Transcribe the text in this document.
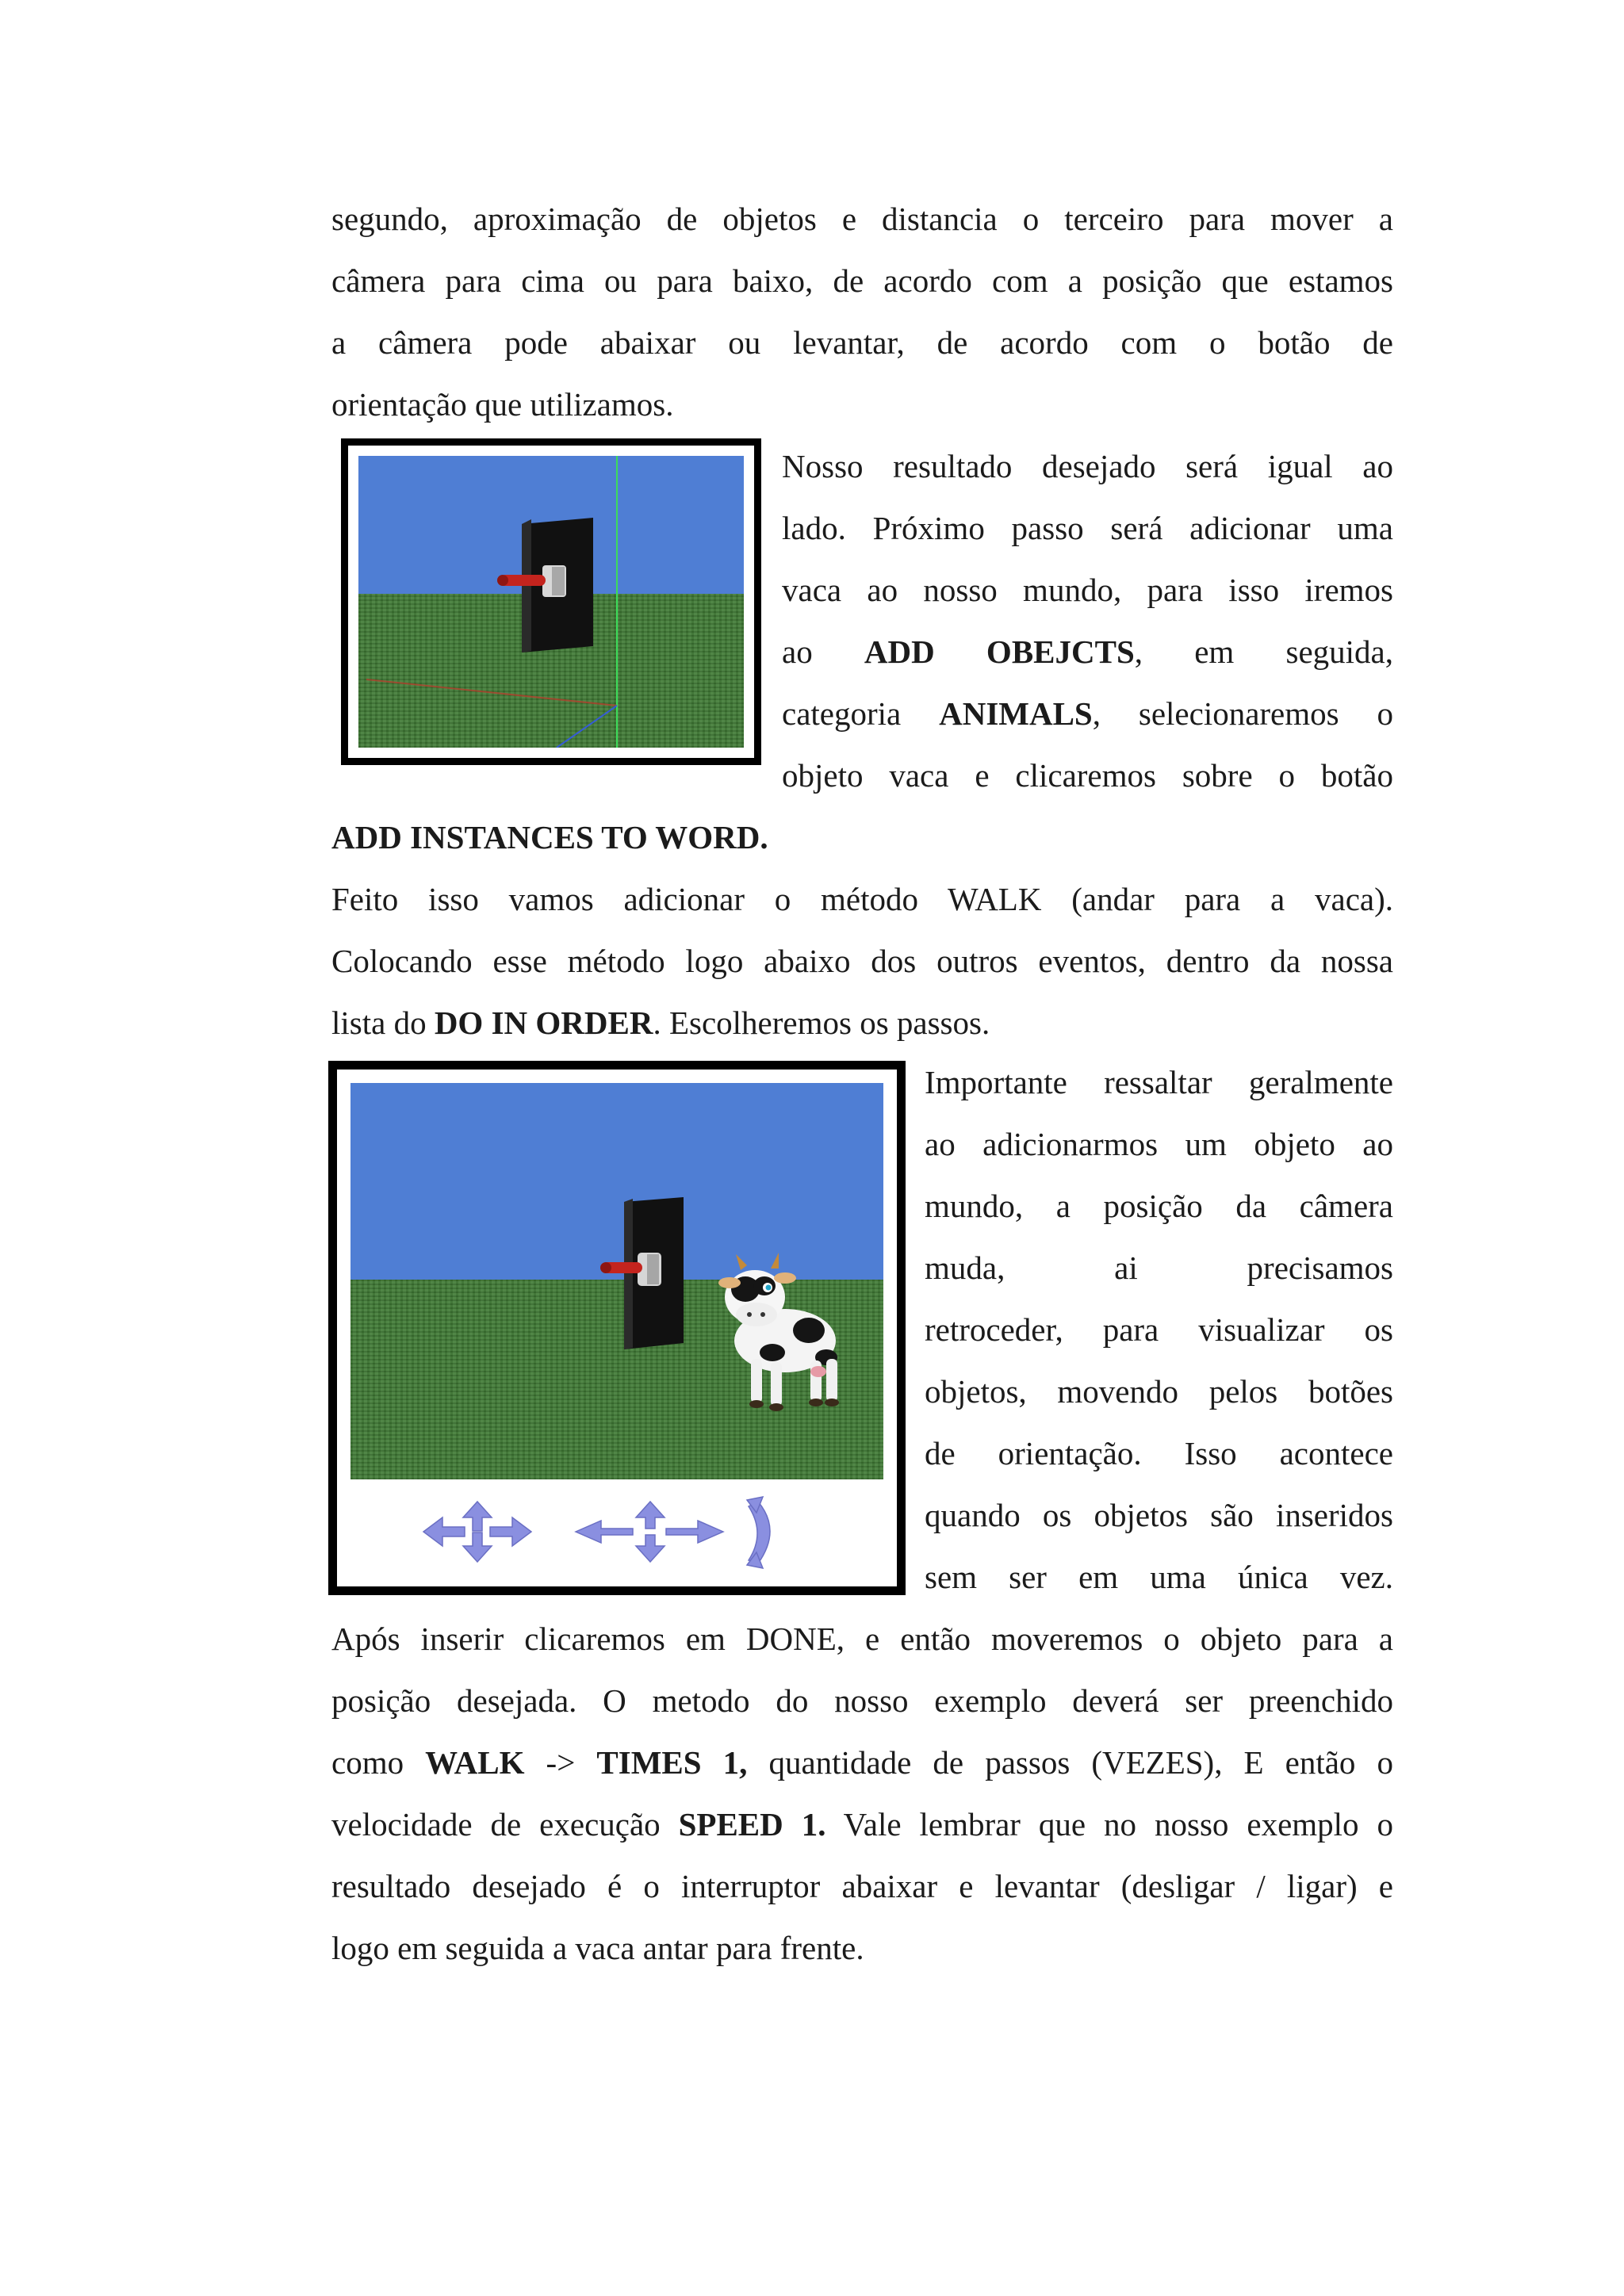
segundo, aproximação de objetos e distancia o terceiro para mover a
câmera para cima ou para baixo, de acordo com a posição que estamos
a câmera pode abaixar ou levantar, de acordo com o botão de
orientação que utilizamos.
Nosso resultado desejado será igual ao
lado. Próximo passo será adicionar uma
vaca ao nosso mundo, para isso iremos
ao ADD OBEJCTS, em seguida,
categoria ANIMALS, selecionaremos o
objeto vaca e clicaremos sobre o botão
ADD INSTANCES TO WORD.
Feito isso vamos adicionar o método WALK (andar para a vaca).
Colocando esse método logo abaixo dos outros eventos, dentro da nossa
lista do DO IN ORDER. Escolheremos os passos.
Importante ressaltar geralmente
ao adicionarmos um objeto ao
mundo, a posição da câmera
muda, ai precisamos
retroceder, para visualizar os
objetos, movendo pelos botões
de orientação. Isso acontece
quando os objetos são inseridos
sem ser em uma única vez.
Após inserir clicaremos em DONE, e então moveremos o objeto para a
posição desejada. O metodo do nosso exemplo deverá ser preenchido
como WALK -> TIMES 1, quantidade de passos (VEZES), E então o
velocidade de execução SPEED 1. Vale lembrar que no nosso exemplo o
resultado desejado é o interruptor abaixar e levantar (desligar / ligar) e
logo em seguida a vaca antar para frente.
